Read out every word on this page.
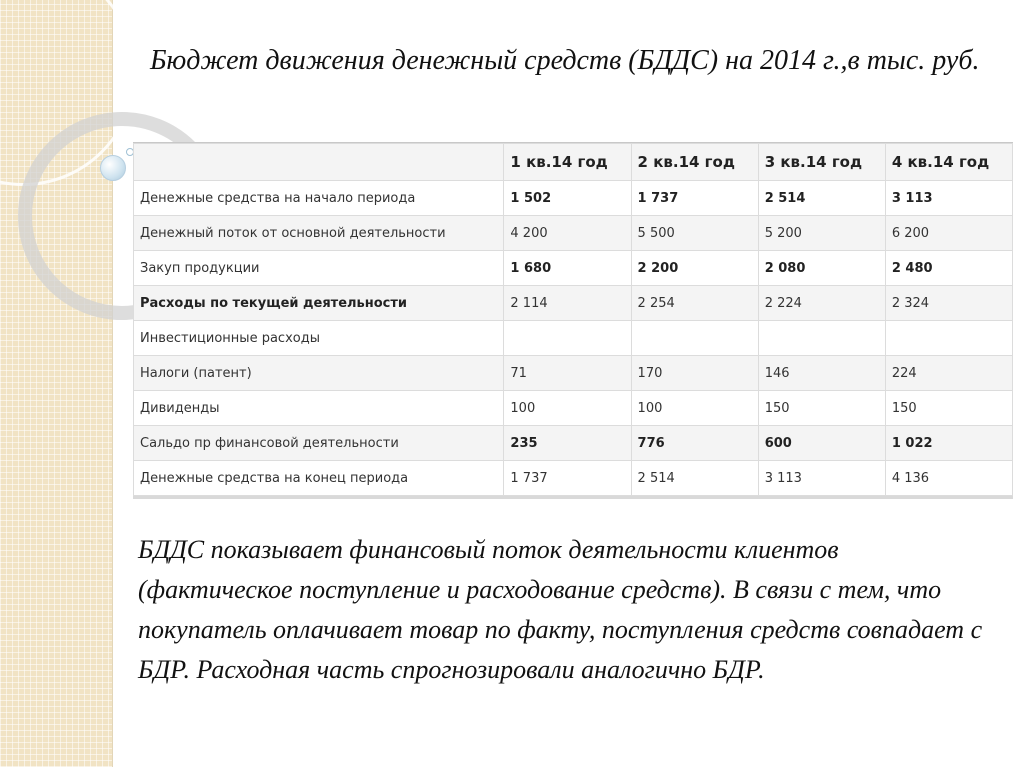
Бюджет движения денежный средств (БДДС) на 2014 г.,в тыс. руб.
	1 кв.14 год	2 кв.14 год	3 кв.14 год	4 кв.14 год
Денежные средства на начало периода	1 502	1 737	2 514	3 113
Денежный поток от основной деятельности	4 200	5 500	5 200	6 200
Закуп продукции	1 680	2 200	2 080	2 480
Расходы по текущей деятельности	2 114	2 254	2 224	2 324
Инвестиционные расходы				
Налоги (патент)	71	170	146	224
Дивиденды	100	100	150	150
Сальдо пр финансовой деятельности	235	776	600	1 022
Денежные средства на конец периода	1 737	2 514	3 113	4 136
БДДС показывает финансовый поток деятельности клиентов (фактическое поступление и расходование средств). В связи с тем, что покупатель оплачивает товар по факту, поступления средств совпадает с БДР. Расходная часть спрогнозировали аналогично БДР.
